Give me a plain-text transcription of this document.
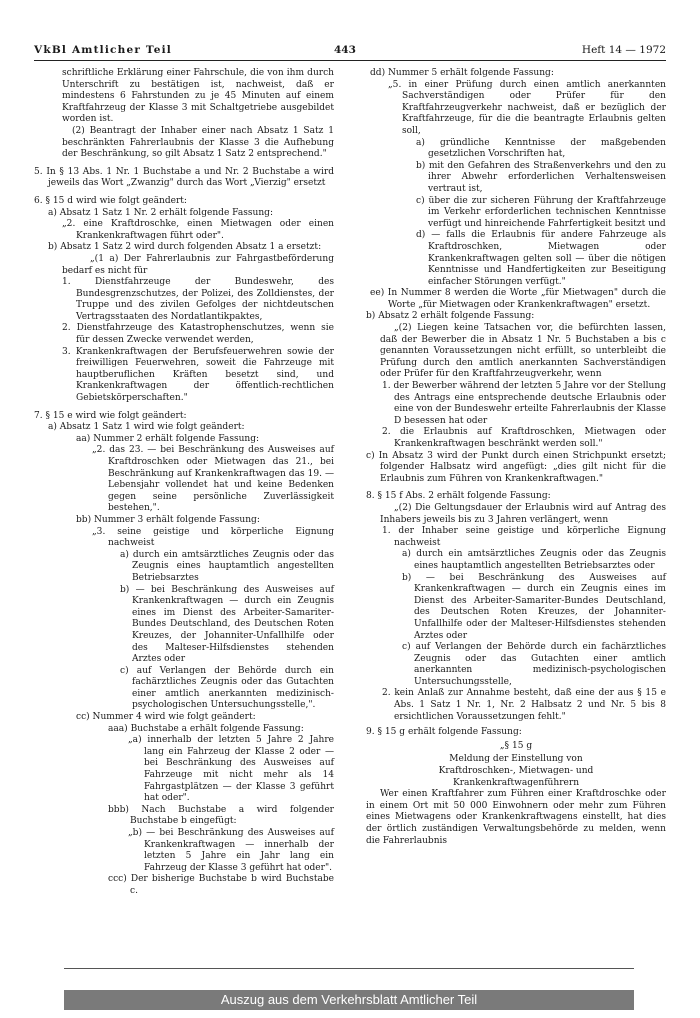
VkBl Amtlicher Teil	443	Heft 14 — 1972

schriftliche Erklärung einer Fahrschule, die von ihm durch Unterschrift zu bestätigen ist, nachweist, daß er mindestens 6 Fahrstunden zu je 45 Minuten auf einem Kraftfahrzeug der Klasse 3 mit Schaltgetriebe ausgebildet worden ist.

(2) Beantragt der Inhaber einer nach Absatz 1 Satz 1 beschränkten Fahrerlaubnis der Klasse 3 die Aufhebung der Beschränkung, so gilt Absatz 1 Satz 2 entsprechend."

5. In § 13 Abs. 1 Nr. 1 Buchstabe a und Nr. 2 Buchstabe a wird jeweils das Wort „Zwanzig" durch das Wort „Vierzig" ersetzt

6. § 15 d wird wie folgt geändert:

a) Absatz 1 Satz 1 Nr. 2 erhält folgende Fassung:

„2. eine Kraftdroschke, einen Mietwagen oder einen Krankenkraftwagen führt oder".

b) Absatz 1 Satz 2 wird durch folgenden Absatz 1 a ersetzt:

„(1 a) Der Fahrerlaubnis zur Fahrgastbeförderung bedarf es nicht für

1. Dienstfahrzeuge der Bundeswehr, des Bundesgrenzschutzes, der Polizei, des Zolldienstes, der Truppe und des zivilen Gefolges der nichtdeutschen Vertragsstaaten des Nordatlantikpaktes,

2. Dienstfahrzeuge des Katastrophenschutzes, wenn sie für dessen Zwecke verwendet werden,

3. Krankenkraftwagen der Berufsfeuerwehren sowie der freiwilligen Feuerwehren, soweit die Fahrzeuge mit hauptberuflichen Kräften besetzt sind, und Krankenkraftwagen der öffentlich-rechtlichen Gebietskörperschaften."

7. § 15 e wird wie folgt geändert:

a) Absatz 1 Satz 1 wird wie folgt geändert:

aa) Nummer 2 erhält folgende Fassung:

„2. das 23. — bei Beschränkung des Ausweises auf Kraftdroschken oder Mietwagen das 21., bei Beschränkung auf Krankenkraftwagen das 19. — Lebensjahr vollendet hat und keine Bedenken gegen seine persönliche Zuverlässigkeit bestehen,".

bb) Nummer 3 erhält folgende Fassung:

„3. seine geistige und körperliche Eignung nachweist

a) durch ein amtsärztliches Zeugnis oder das Zeugnis eines hauptamtlich angestellten Betriebsarztes

b) — bei Beschränkung des Ausweises auf Krankenkraftwagen — durch ein Zeugnis eines im Dienst des Arbeiter-Samariter-Bundes Deutschland, des Deutschen Roten Kreuzes, der Johanniter-Unfallhilfe oder des Malteser-Hilfsdienstes stehenden Arztes oder

c) auf Verlangen der Behörde durch ein fachärztliches Zeugnis oder das Gutachten einer amtlich anerkannten medizinisch-psychologischen Untersuchungsstelle,".

cc) Nummer 4 wird wie folgt geändert:

aaa) Buchstabe a erhält folgende Fassung:

„a) innerhalb der letzten 5 Jahre 2 Jahre lang ein Fahrzeug der Klasse 2 oder — bei Beschränkung des Ausweises auf Fahrzeuge mit nicht mehr als 14 Fahrgastplätzen — der Klasse 3 geführt hat oder".

bbb) Nach Buchstabe a wird folgender Buchstabe b eingefügt:

„b) — bei Beschränkung des Ausweises auf Krankenkraftwagen — innerhalb der letzten 5 Jahre ein Jahr lang ein Fahrzeug der Klasse 3 geführt hat oder".

ccc) Der bisherige Buchstabe b wird Buchstabe c.

dd) Nummer 5 erhält folgende Fassung:

„5. in einer Prüfung durch einen amtlich anerkannten Sachverständigen oder Prüfer für den Kraftfahrzeugverkehr nachweist, daß er bezüglich der Kraftfahrzeuge, für die die beantragte Erlaubnis gelten soll,

a) gründliche Kenntnisse der maßgebenden gesetzlichen Vorschriften hat,

b) mit den Gefahren des Straßenverkehrs und den zu ihrer Abwehr erforderlichen Verhaltensweisen vertraut ist,

c) über die zur sicheren Führung der Kraftfahrzeuge im Verkehr erforderlichen technischen Kenntnisse verfügt und hinreichende Fahrfertigkeit besitzt und

d) — falls die Erlaubnis für andere Fahrzeuge als Kraftdroschken, Mietwagen oder Krankenkraftwagen gelten soll — über die nötigen Kenntnisse und Handfertigkeiten zur Beseitigung einfacher Störungen verfügt."

ee) In Nummer 8 werden die Worte „für Mietwagen" durch die Worte „für Mietwagen oder Krankenkraftwagen" ersetzt.

b) Absatz 2 erhält folgende Fassung:

„(2) Liegen keine Tatsachen vor, die befürchten lassen, daß der Bewerber die in Absatz 1 Nr. 5 Buchstaben a bis c genannten Voraussetzungen nicht erfüllt, so unterbleibt die Prüfung durch den amtlich anerkannten Sachverständigen oder Prüfer für den Kraftfahrzeugverkehr, wenn

1. der Bewerber während der letzten 5 Jahre vor der Stellung des Antrags eine entsprechende deutsche Erlaubnis oder eine von der Bundeswehr erteilte Fahrerlaubnis der Klasse D besessen hat oder

2. die Erlaubnis auf Kraftdroschken, Mietwagen oder Krankenkraftwagen beschränkt werden soll."

c) In Absatz 3 wird der Punkt durch einen Strichpunkt ersetzt; folgender Halbsatz wird angefügt: „dies gilt nicht für die Erlaubnis zum Führen von Krankenkraftwagen."

8. § 15 f Abs. 2 erhält folgende Fassung:

„(2) Die Geltungsdauer der Erlaubnis wird auf Antrag des Inhabers jeweils bis zu 3 Jahren verlängert, wenn

1. der Inhaber seine geistige und körperliche Eignung nachweist

a) durch ein amtsärztliches Zeugnis oder das Zeugnis eines hauptamtlich angestellten Betriebsarztes oder

b) — bei Beschränkung des Ausweises auf Krankenkraftwagen — durch ein Zeugnis eines im Dienst des Arbeiter-Samariter-Bundes Deutschland, des Deutschen Roten Kreuzes, der Johanniter-Unfallhilfe oder der Malteser-Hilfsdienstes stehenden Arztes oder

c) auf Verlangen der Behörde durch ein fachärztliches Zeugnis oder das Gutachten einer amtlich anerkannten medizinisch-psychologischen Untersuchungsstelle,

2. kein Anlaß zur Annahme besteht, daß eine der aus § 15 e Abs. 1 Satz 1 Nr. 1, Nr. 2 Halbsatz 2 und Nr. 5 bis 8 ersichtlichen Voraussetzungen fehlt."

9. § 15 g erhält folgende Fassung:

„§ 15 g

Meldung der Einstellung von Kraftdroschken-, Mietwagen- und Krankenkraftwagenführern

Wer einen Kraftfahrer zum Führen einer Kraftdroschke oder in einem Ort mit 50 000 Einwohnern oder mehr zum Führen eines Mietwagens oder Krankenkraftwagens einstellt, hat dies der örtlich zuständigen Verwaltungsbehörde zu melden, wenn die Fahrerlaubnis

Auszug aus dem Verkehrsblatt Amtlicher Teil
